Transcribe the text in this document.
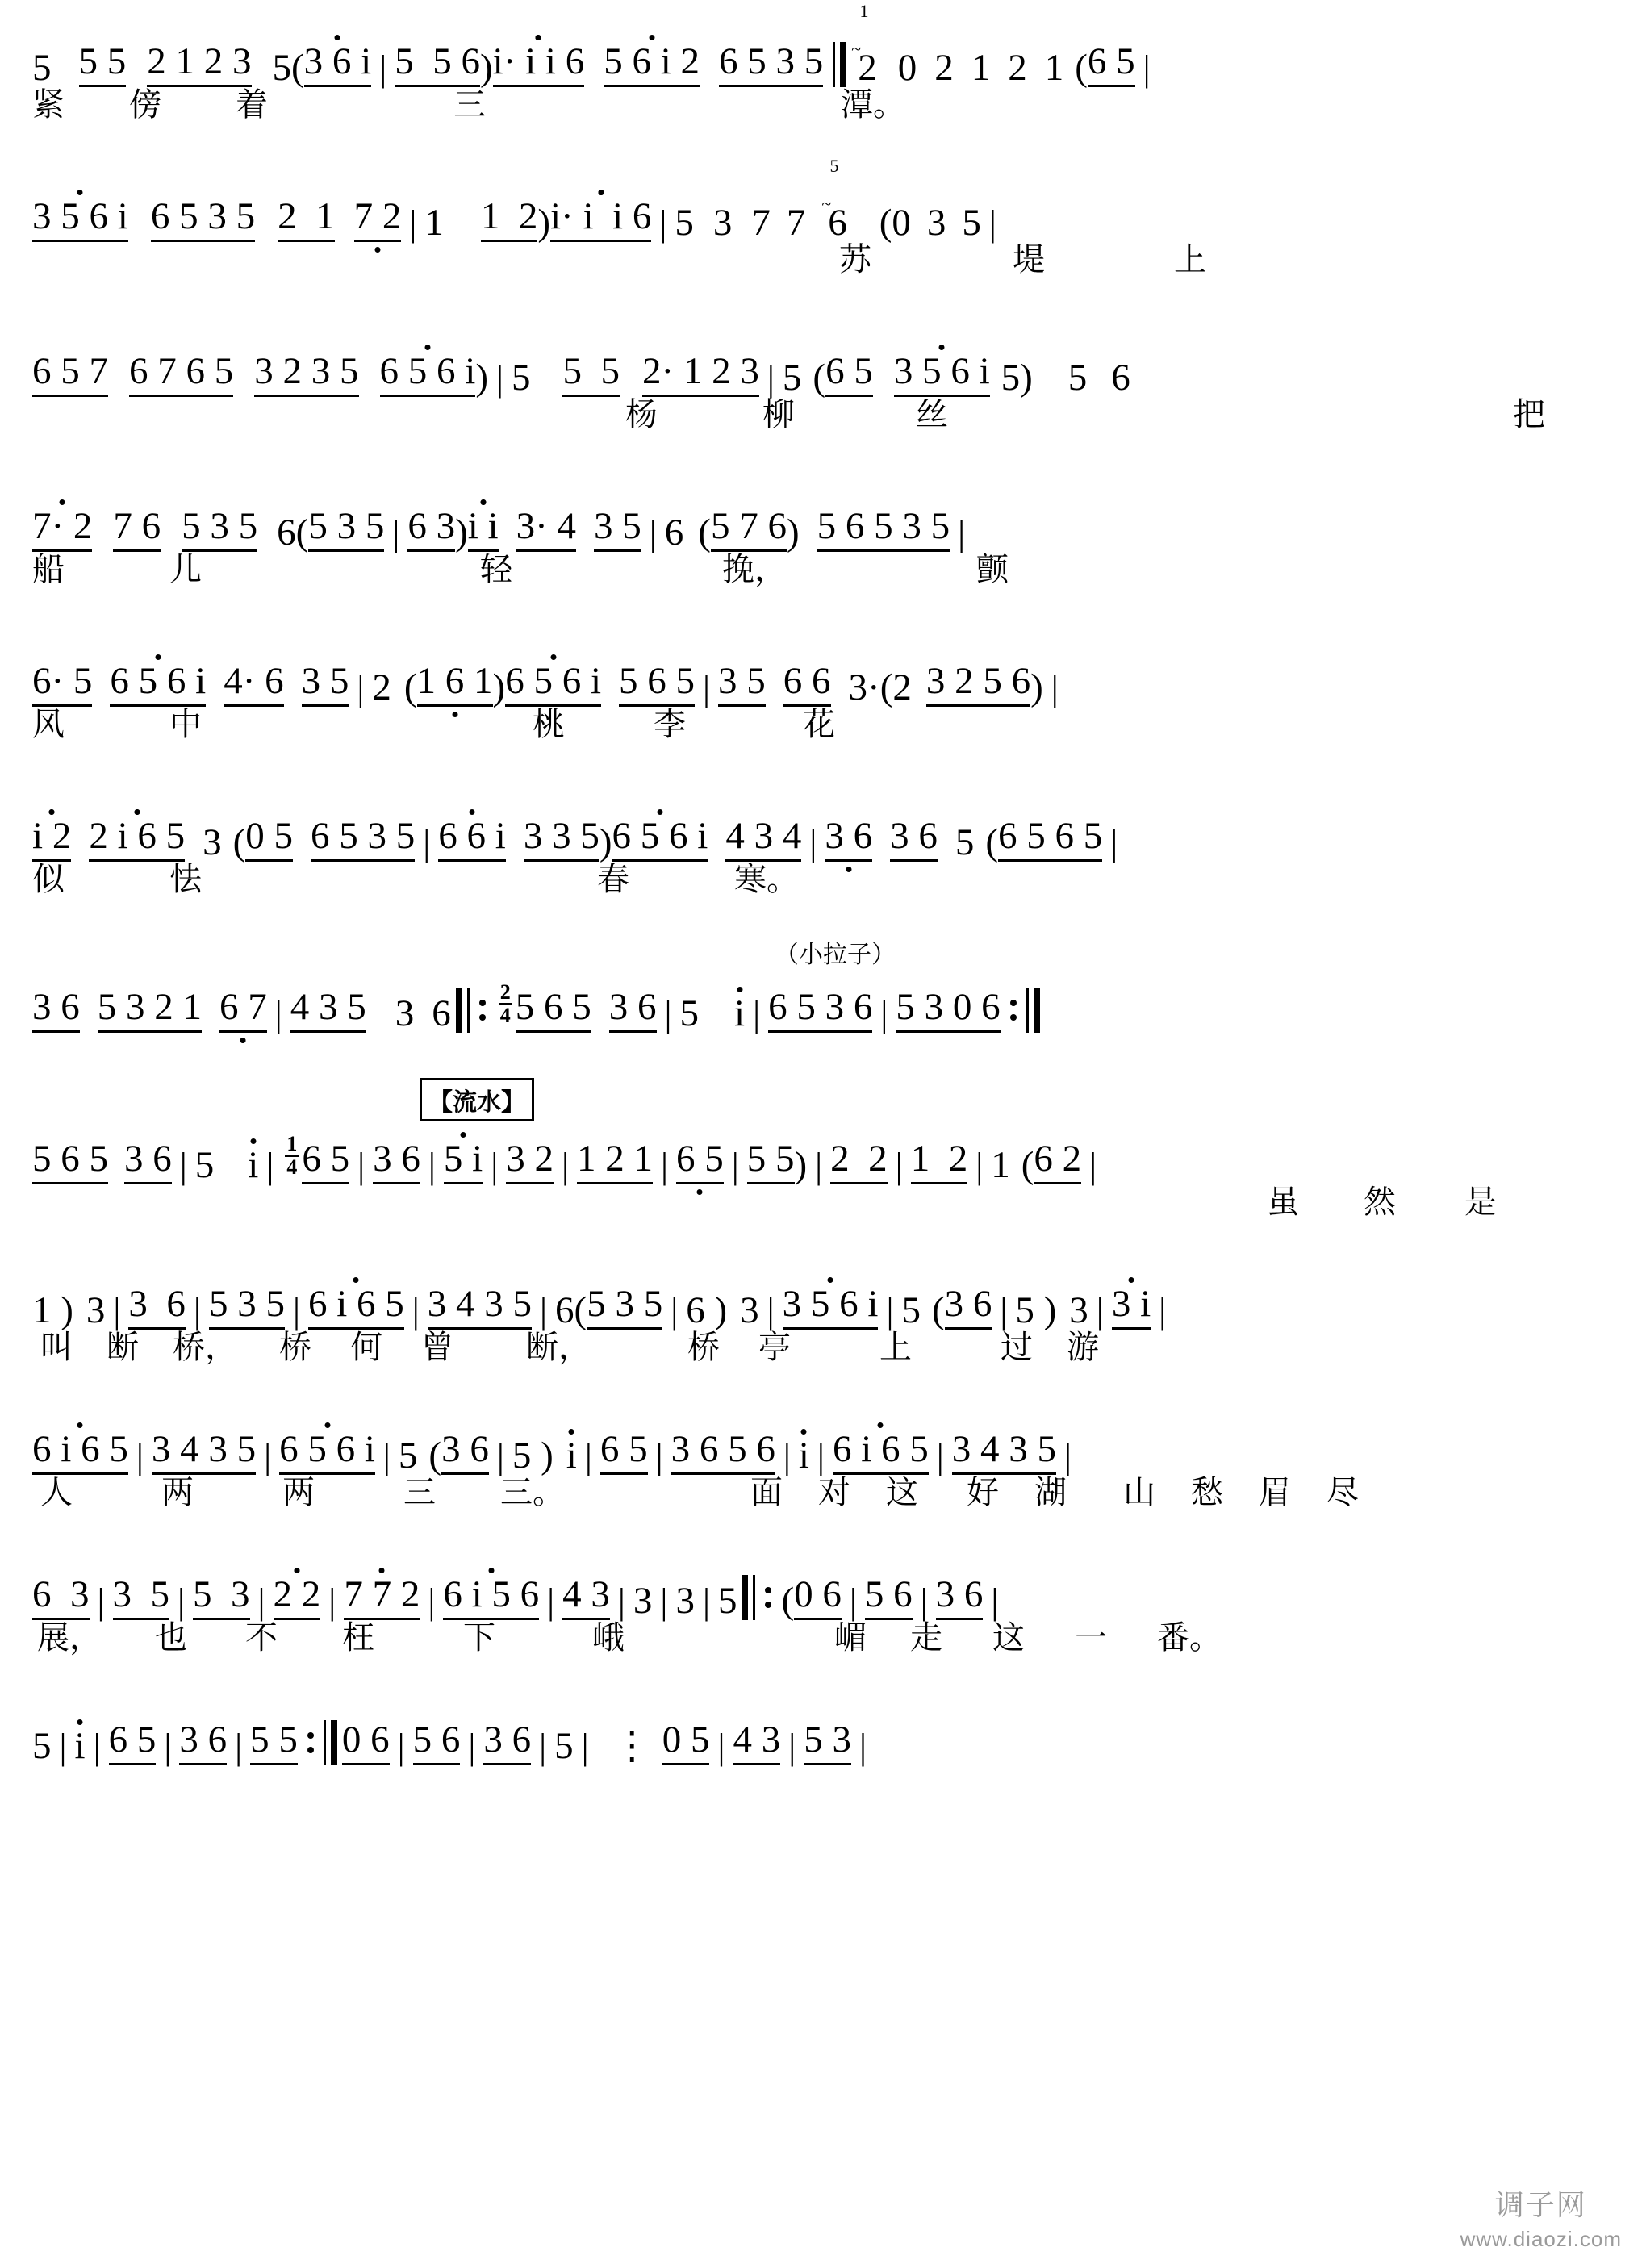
5 5 5 2 1 2 3 5 ( 3 6 i | 5  5 6 ) i· i i 6 5 6 i 2 6 5 3 5
$^{1 \sim}$2 0 2 1 2 1 ( 6 5 |
紧 傍 着	三	潭。
3 5 6 i 6 5 3 5 2  1 7 2 | 1 1  2 ) i· i i 6 | 5 3 7 7
$^{5 \sim}$6 ( 0 3 5 |
苏	堤	上
6 5 7 6 7 6 5 3 2 3 5 6 5 6 i ) | 5 5  5 2· 1 2 3 | 5 ( 6 5 3 5 6 i 5 ) 5 6
杨	柳	丝	把
7· 2 7 6 5 3 5 6 ( 5 3 5 | 6 3 ) i i 3· 4 3 5 | 6 ( 5 7 6 ) 5 6 5 3 5 |
船	儿	轻	挽，	颤
6· 5 6 5 6 i 4· 6 3 5 | 2 ( 1 6 1 ) 6 5 6 i 5 6 5 | 3 5 6 6 3· ( 2 3 2 5 6 ) |
风	中	桃	李	花
i 2 2 i 6 5 3 ( 0 5 6 5 3 5 | 6 6 i 3 3 5 ) 6 5 6 i 4 3 4 | 3 6 3 6 5 ( 6 5 6 5 |
似	怯	春	寒。
（小拉子）
3 6 5 3 2 1 6 7 | 4 3 5 3 6
2
4 5 6 5 3 6 | 5 i | 6 5 3 6 | 5 3 0 6
【流水】
5 6 5 3 6 | 5 i |
1
4 6 5 | 3 6 | 5 i | 3 2 | 1 2 1 | 6 5 | 5 5 ) | 2  2 | 1  2 | 1 ( 6 2 |
虽 然 是
1 ) 3 | 3  6 | 5 3 5 | 6 i 6 5 | 3 4 3 5 | 6 ( 5 3 5 | 6 ) 3 | 3 5 6 i | 5 ( 3 6 | 5 ) 3 | 3 i |
叫 断 桥， 桥 何 曾 断，	桥 亭	上	过 游
6 i 6 5 | 3 4 3 5 | 6 5 6 i | 5 ( 3 6 | 5 ) i | 6 5 | 3 6 5 6 | i | 6 i 6 5 | 3 4 3 5 |
人	两	两	三 三。	面 对 这 好 湖 山 愁 眉 尽
6  3 | 3  5 | 5  3 | 2 2 | 7 7 2 | 6 i 5 6 | 4 3 | 3 | 3 | 5 ( 0 6 | 5 6 | 3 6 |
展， 也 不 枉	下	峨	嵋 走 这 一 番。
5 | i | 6 5 | 3 6 | 5 5 0 6 | 5 6 | 3 6 | 5 | ⋮ 0 5 | 4 3 | 5 3 |
调子网
www.diaozi.com
